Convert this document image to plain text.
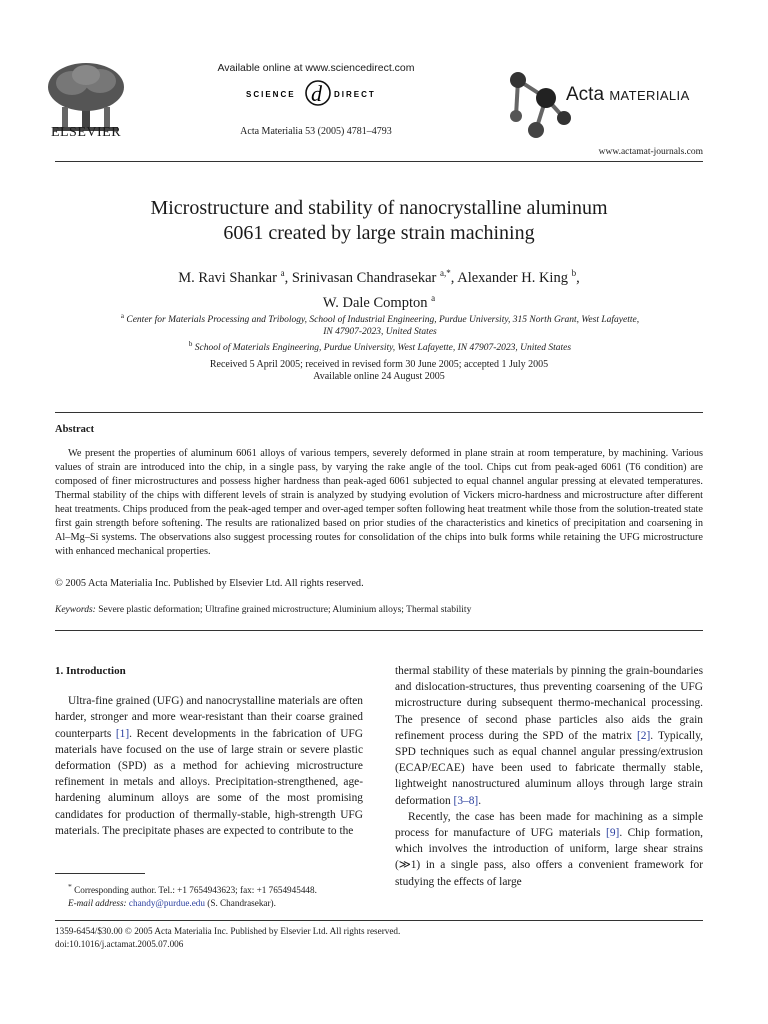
ELSEVIER
Available online at www.sciencedirect.com
SCIENCE d DIRECT
Acta Materialia 53 (2005) 4781–4793
Acta MATERIALIA
www.actamat-journals.com
Microstructure and stability of nanocrystalline aluminum
6061 created by large strain machining
M. Ravi Shankar $^a$, Srinivasan Chandrasekar $^{a,*}$, Alexander H. King $^b$,
W. Dale Compton $^a$
$^a$ Center for Materials Processing and Tribology, School of Industrial Engineering, Purdue University, 315 North Grant, West Lafayette,
IN 47907-2023, United States
$^b$ School of Materials Engineering, Purdue University, West Lafayette, IN 47907-2023, United States
Received 5 April 2005; received in revised form 30 June 2005; accepted 1 July 2005
Available online 24 August 2005
Abstract
We present the properties of aluminum 6061 alloys of various tempers, severely deformed in plane strain at room temperature, by machining. Various values of strain are introduced into the chip, in a single pass, by varying the rake angle of the tool. Chips cut from peak-aged 6061 (T6 condition) are composed of finer microstructures and possess higher hardness than peak-aged 6061 subjected to equal channel angular pressing at elevated temperatures. Thermal stability of the chips with different levels of strain is analyzed by studying evolution of Vickers micro-hardness and microstructure after different heat treatments. Chips produced from the peak-aged temper and over-aged temper soften following heat treatment while those from the solution-treated state first gain strength before softening. The results are rationalized based on prior studies of the characteristics and kinetics of precipitation and coarsening in Al–Mg–Si systems. The observations also suggest processing routes for consolidation of the chips into bulk forms while retaining the UFG microstructure with enhanced mechanical properties.
© 2005 Acta Materialia Inc. Published by Elsevier Ltd. All rights reserved.
Keywords: Severe plastic deformation; Ultrafine grained microstructure; Aluminium alloys; Thermal stability
1. Introduction

Ultra-fine grained (UFG) and nanocrystalline materials are often harder, stronger and more wear-resistant than their coarse grained counterparts [1]. Recent developments in the fabrication of UFG materials have focused on the use of large strain or severe plastic deformation (SPD) as a method for achieving microstructure refinement in metals and alloys. Precipitation-strengthened, age-hardening aluminum alloys are some of the most promising candidates for production of thermally-stable, high-strength UFG materials. The precipitate phases are expected to contribute to the

thermal stability of these materials by pinning the grain-boundaries and dislocation-structures, thus preventing coarsening of the UFG microstructure during subsequent thermo-mechanical processing. The presence of second phase particles also aids the grain refinement process during the SPD of the matrix [2]. Typically, SPD techniques such as equal channel angular pressing/extrusion (ECAP/ECAE) have been used to fabricate thermally stable, lightweight nanostructured aluminum alloys through large strain deformation [3–8].

Recently, the case has been made for machining as a simple process for manufacture of UFG materials [9]. Chip formation, which involves the introduction of uniform, large shear strains (≫1) in a single pass, also offers a convenient framework for studying the effects of large

* Corresponding author. Tel.: +1 7654943623; fax: +1 7654945448.
E-mail address: chandy@purdue.edu (S. Chandrasekar).
1359-6454/$30.00 © 2005 Acta Materialia Inc. Published by Elsevier Ltd. All rights reserved.
doi:10.1016/j.actamat.2005.07.006
